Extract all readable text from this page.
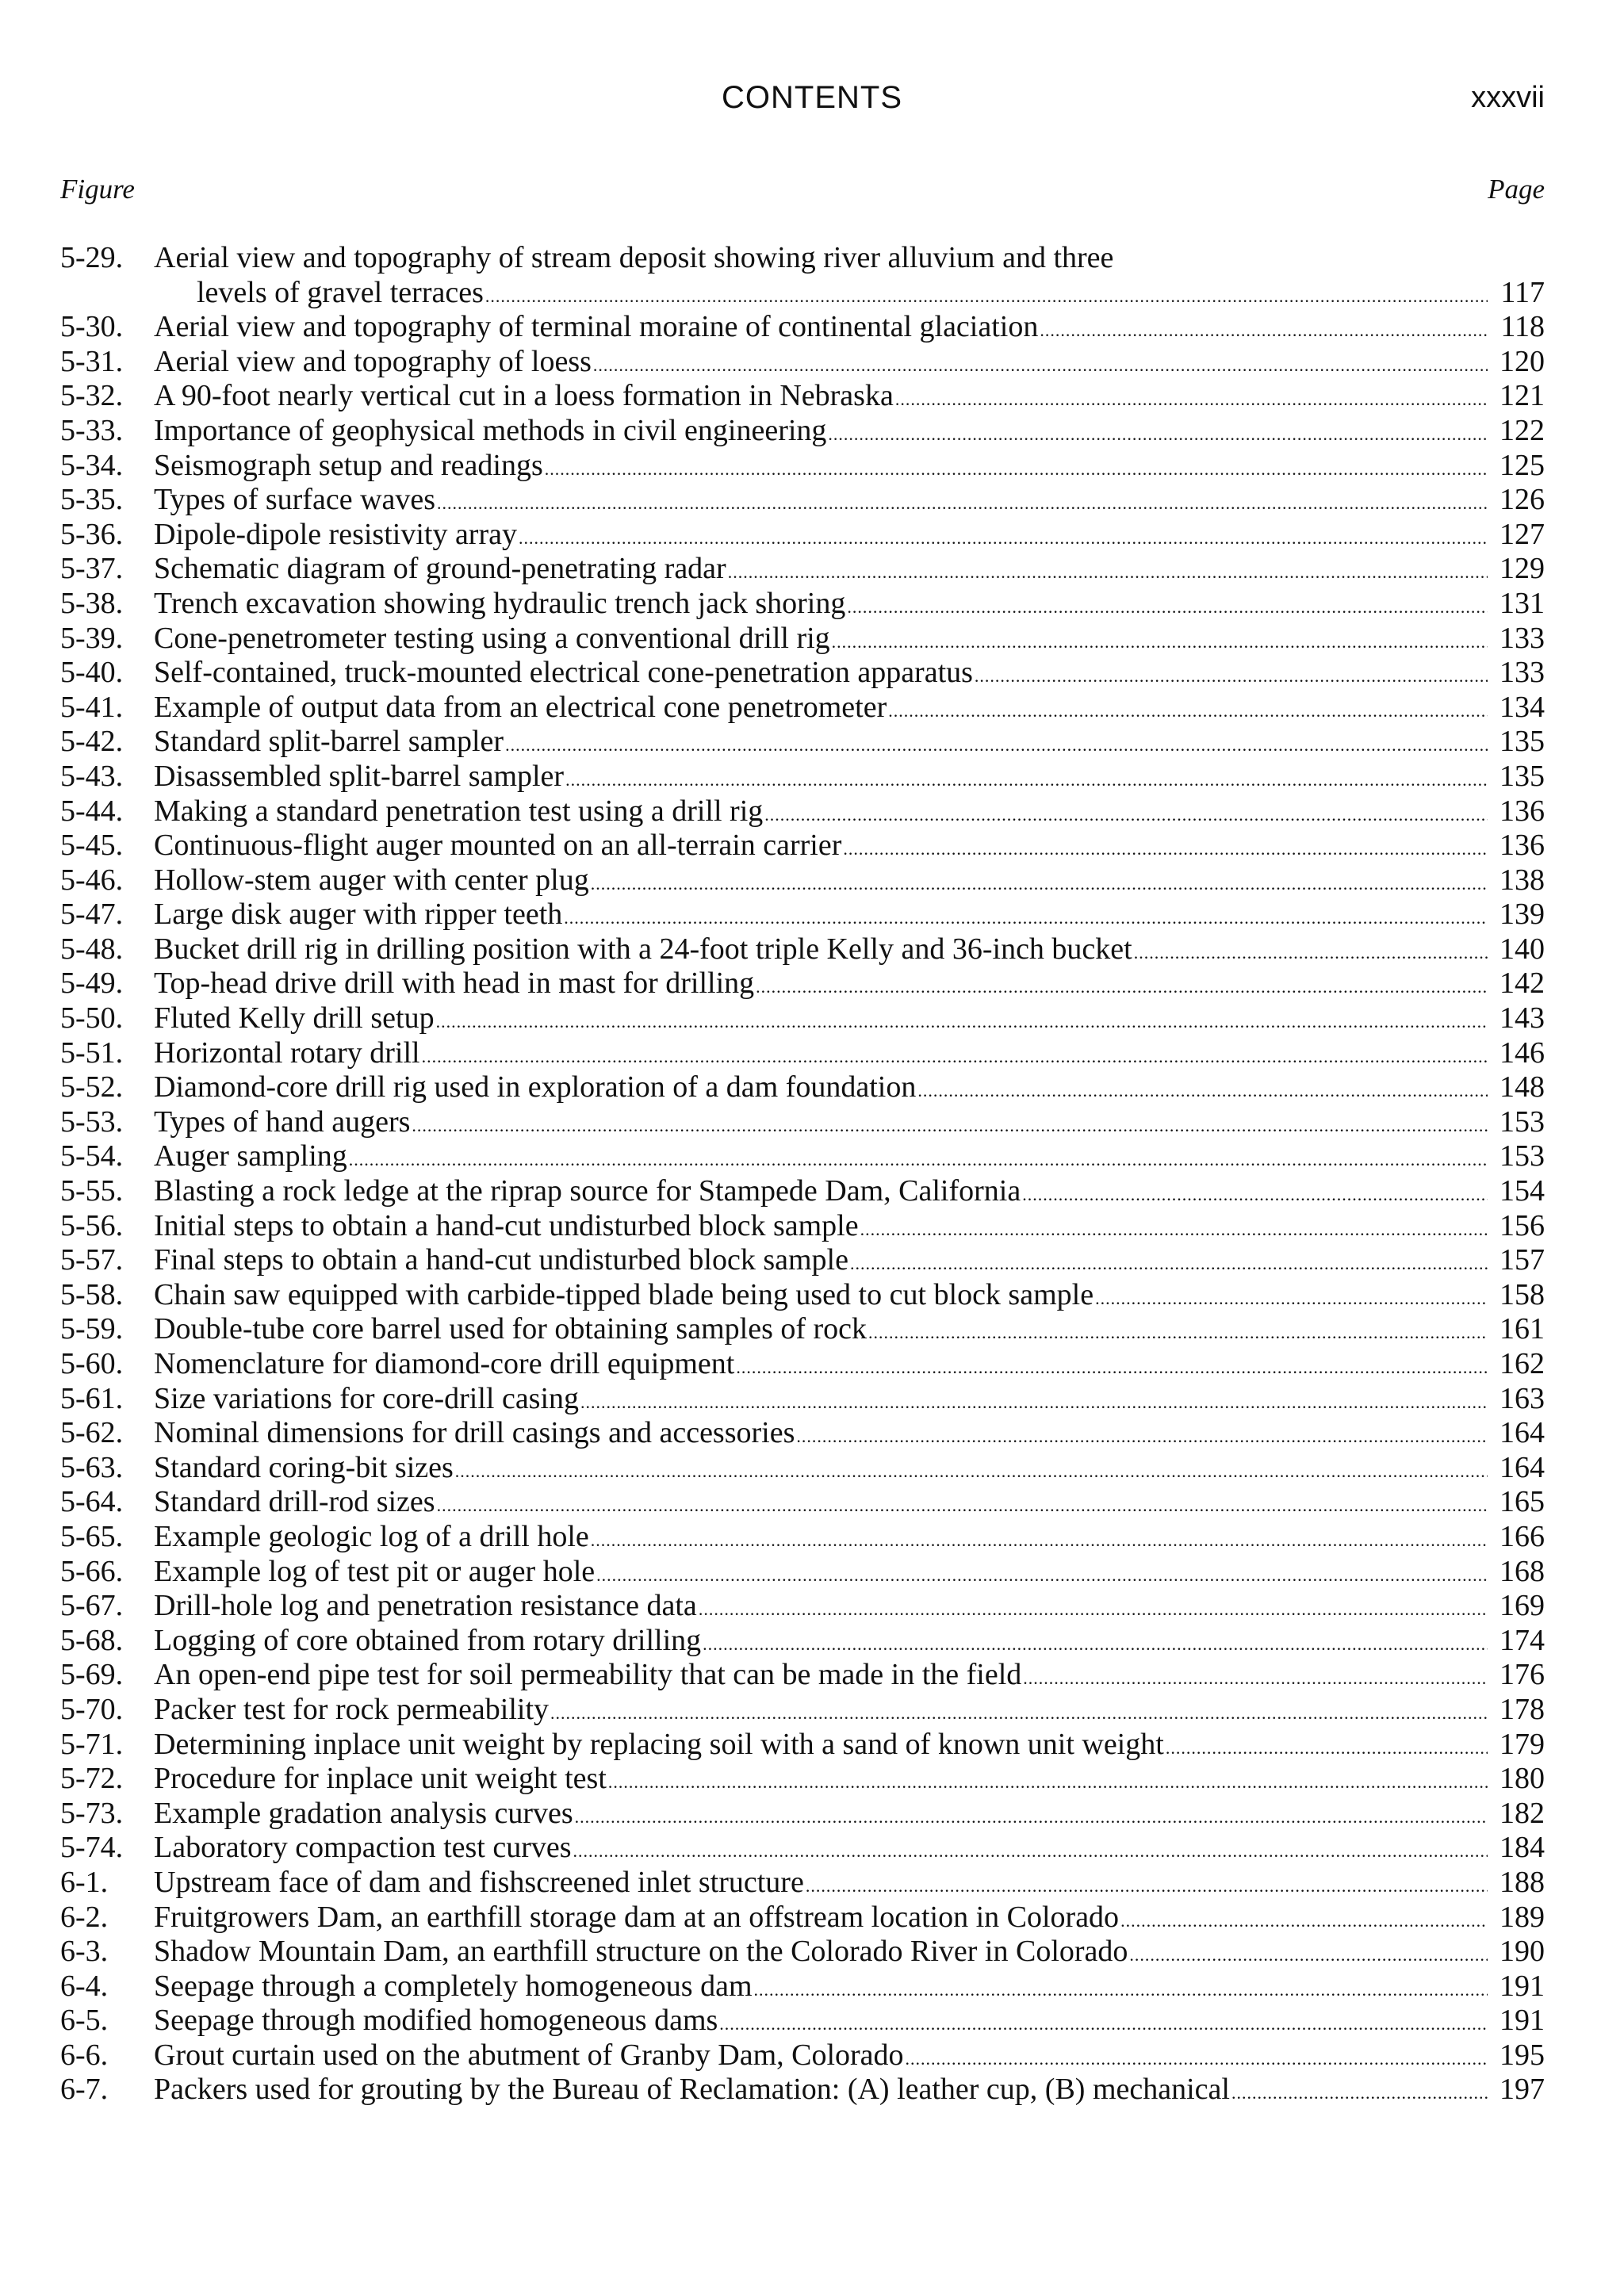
CONTENTS	xxxvii
Figure	Page
5-29.	Aerial view and topography of stream deposit showing river alluvium and three
levels of gravel terraces .....	117
5-30.	Aerial view and topography of terminal moraine of continental glaciation .....	118
5-31.	Aerial view and topography of loess .....	120
5-32.	A 90-foot nearly vertical cut in a loess formation in Nebraska .....	121
5-33.	Importance of geophysical methods in civil engineering .....	122
5-34.	Seismograph setup and readings .....	125
5-35.	Types of surface waves .....	126
5-36.	Dipole-dipole resistivity array .....	127
5-37.	Schematic diagram of ground-penetrating radar .....	129
5-38.	Trench excavation showing hydraulic trench jack shoring .....	131
5-39.	Cone-penetrometer testing using a conventional drill rig .....	133
5-40.	Self-contained, truck-mounted electrical cone-penetration apparatus .....	133
5-41.	Example of output data from an electrical cone penetrometer .....	134
5-42.	Standard split-barrel sampler .....	135
5-43.	Disassembled split-barrel sampler .....	135
5-44.	Making a standard penetration test using a drill rig .....	136
5-45.	Continuous-flight auger mounted on an all-terrain carrier .....	136
5-46.	Hollow-stem auger with center plug .....	138
5-47.	Large disk auger with ripper teeth .....	139
5-48.	Bucket drill rig in drilling position with a 24-foot triple Kelly and 36-inch bucket .....	140
5-49.	Top-head drive drill with head in mast for drilling .....	142
5-50.	Fluted Kelly drill setup .....	143
5-51.	Horizontal rotary drill .....	146
5-52.	Diamond-core drill rig used in exploration of a dam foundation .....	148
5-53.	Types of hand augers .....	153
5-54.	Auger sampling .....	153
5-55.	Blasting a rock ledge at the riprap source for Stampede Dam, California .....	154
5-56.	Initial steps to obtain a hand-cut undisturbed block sample .....	156
5-57.	Final steps to obtain a hand-cut undisturbed block sample .....	157
5-58.	Chain saw equipped with carbide-tipped blade being used to cut block sample .....	158
5-59.	Double-tube core barrel used for obtaining samples of rock .....	161
5-60.	Nomenclature for diamond-core drill equipment .....	162
5-61.	Size variations for core-drill casing .....	163
5-62.	Nominal dimensions for drill casings and accessories .....	164
5-63.	Standard coring-bit sizes .....	164
5-64.	Standard drill-rod sizes .....	165
5-65.	Example geologic log of a drill hole .....	166
5-66.	Example log of test pit or auger hole .....	168
5-67.	Drill-hole log and penetration resistance data .....	169
5-68.	Logging of core obtained from rotary drilling .....	174
5-69.	An open-end pipe test for soil permeability that can be made in the field .....	176
5-70.	Packer test for rock permeability .....	178
5-71.	Determining inplace unit weight by replacing soil with a sand of known unit weight .....	179
5-72.	Procedure for inplace unit weight test .....	180
5-73.	Example gradation analysis curves .....	182
5-74.	Laboratory compaction test curves .....	184
6-1.	Upstream face of dam and fishscreened inlet structure .....	188
6-2.	Fruitgrowers Dam, an earthfill storage dam at an offstream location in Colorado .....	189
6-3.	Shadow Mountain Dam, an earthfill structure on the Colorado River in Colorado .....	190
6-4.	Seepage through a completely homogeneous dam .....	191
6-5.	Seepage through modified homogeneous dams .....	191
6-6.	Grout curtain used on the abutment of Granby Dam, Colorado .....	195
6-7.	Packers used for grouting by the Bureau of Reclamation: (A) leather cup, (B) mechanical .....	197
